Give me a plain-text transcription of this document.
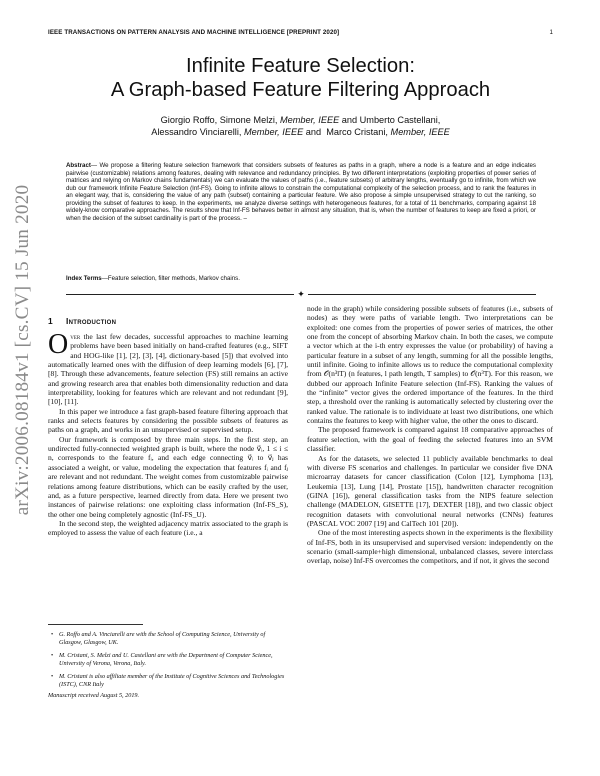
IEEE TRANSACTIONS ON PATTERN ANALYSIS AND MACHINE INTELLIGENCE [PREPRINT 2020]	1
arXiv:2006.08184v1 [cs.CV] 15 Jun 2020
Infinite Feature Selection:
A Graph-based Feature Filtering Approach
Giorgio Roffo, Simone Melzi, Member, IEEE and Umberto Castellani,
Alessandro Vinciarelli, Member, IEEE and  Marco Cristani, Member, IEEE
Abstract— We propose a filtering feature selection framework that considers subsets of features as paths in a graph, where a node is a feature and an edge indicates pairwise (customizable) relations among features, dealing with relevance and redundancy principles. By two different interpretations (exploiting properties of power series of matrices and relying on Markov chains fundamentals) we can evaluate the values of paths (i.e., feature subsets) of arbitrary lengths, eventually go to infinite, from which we dub our framework Infinite Feature Selection (Inf-FS). Going to infinite allows to constrain the computational complexity of the selection process, and to rank the features in an elegant way, that is, considering the value of any path (subset) containing a particular feature. We also propose a simple unsupervised strategy to cut the ranking, so providing the subset of features to keep. In the experiments, we analyze diverse settings with heterogeneous features, for a total of 11 benchmarks, comparing against 18 widely-know comparative approaches. The results show that Inf-FS behaves better in almost any situation, that is, when the number of features to keep are fixed a priori, or when the decision of the subset cardinality is part of the process. –
Index Terms—Feature selection, filter methods, Markov chains.
✦
1 Introduction

Over the last few decades, successful approaches to machine learning problems have been based initially on hand-crafted features (e.g., SIFT and HOG-like [1], [2], [3], [4], dictionary-based [5]) that evolved into automatically learned ones with the diffusion of deep learning models [6], [7], [8]. Through these advancements, feature selection (FS) still remains an active and growing research area that enables both dimensionality reduction and data interpretability, looking for features which are relevant and not redundant [9], [10], [11].

In this paper we introduce a fast graph-based feature filtering approach that ranks and selects features by considering the possible subsets of features as paths on a graph, and works in an unsupervised or supervised setup.

Our framework is composed by three main steps. In the first step, an undirected fully-connected weighted graph is built, where the node v⃗ᵢ, 1 ≤ i ≤ n, corresponds to the feature fᵢ, and each edge connecting v⃗ᵢ to v⃗ⱼ has associated a weight, or value, modeling the expectation that features fᵢ and fⱼ are relevant and not redundant. The weight comes from customizable pairwise relations among feature distributions, which can be easily crafted by the user, and, as a future perspective, learned directly from data. Here we present two instances of pairwise relations: one exploiting class information (Inf-FS_S), the other one being completely agnostic (Inf-FS_U).

In the second step, the weighted adjacency matrix associated to the graph is employed to assess the value of each feature (i.e., a

• G. Roffo and A. Vinciarelli are with the School of Computing Science, University of Glasgow, Glasgow, UK.
• M. Cristani, S. Melzi and U. Castellani are with the Department of Computer Science, University of Verona, Verona, Italy.
• M. Cristani is also affiliate member of the Institute of Cognitive Sciences and Technologies (ISTC), CNR Italy
Manuscript received August 5, 2019.

node in the graph) while considering possible subsets of features (i.e., subsets of nodes) as they were paths of variable length. Two interpretations can be exploited: one comes from the properties of power series of matrices, the other one from the concept of absorbing Markov chain. In both the cases, we compute a vector which at the i-th entry expresses the value (or probability) of having a particular feature in a subset of any length, summing for all the possible lengths, until infinite. Going to infinite allows us to reduce the computational complexity from 𝒪(n³lT) (n features, l path length, T samples) to 𝒪(n³T). For this reason, we dubbed our approach Infinite Feature selection (Inf-FS). Ranking the values of the “infinite” vector gives the ordered importance of the features. In the third step, a threshold over the ranking is automatically selected by clustering over the ranked value. The rationale is to individuate at least two distributions, one which contains the features to keep with higher value, the other the ones to discard.

The proposed framework is compared against 18 comparative approaches of feature selection, with the goal of feeding the selected features into an SVM classifier.

As for the datasets, we selected 11 publicly available benchmarks to deal with diverse FS scenarios and challenges. In particular we consider five DNA microarray datasets for cancer classification (Colon [12], Lymphoma [13], Leukemia [13], Lung [14], Prostate [15]), handwritten character recognition (GINA [16]), general classification tasks from the NIPS feature selection challenge (MADELON, GISETTE [17], DEXTER [18]), and two classic object recognition datasets with convolutional neural networks (CNNs) features (PASCAL VOC 2007 [19] and CalTech 101 [20]).

One of the most interesting aspects shown in the experiments is the flexibility of Inf-FS, both in its unsupervised and supervised version: independently on the scenario (small-sample+high dimensional, unbalanced classes, severe interclass overlap, noise) Inf-FS overcomes the competitors, and if not, it gives the second
